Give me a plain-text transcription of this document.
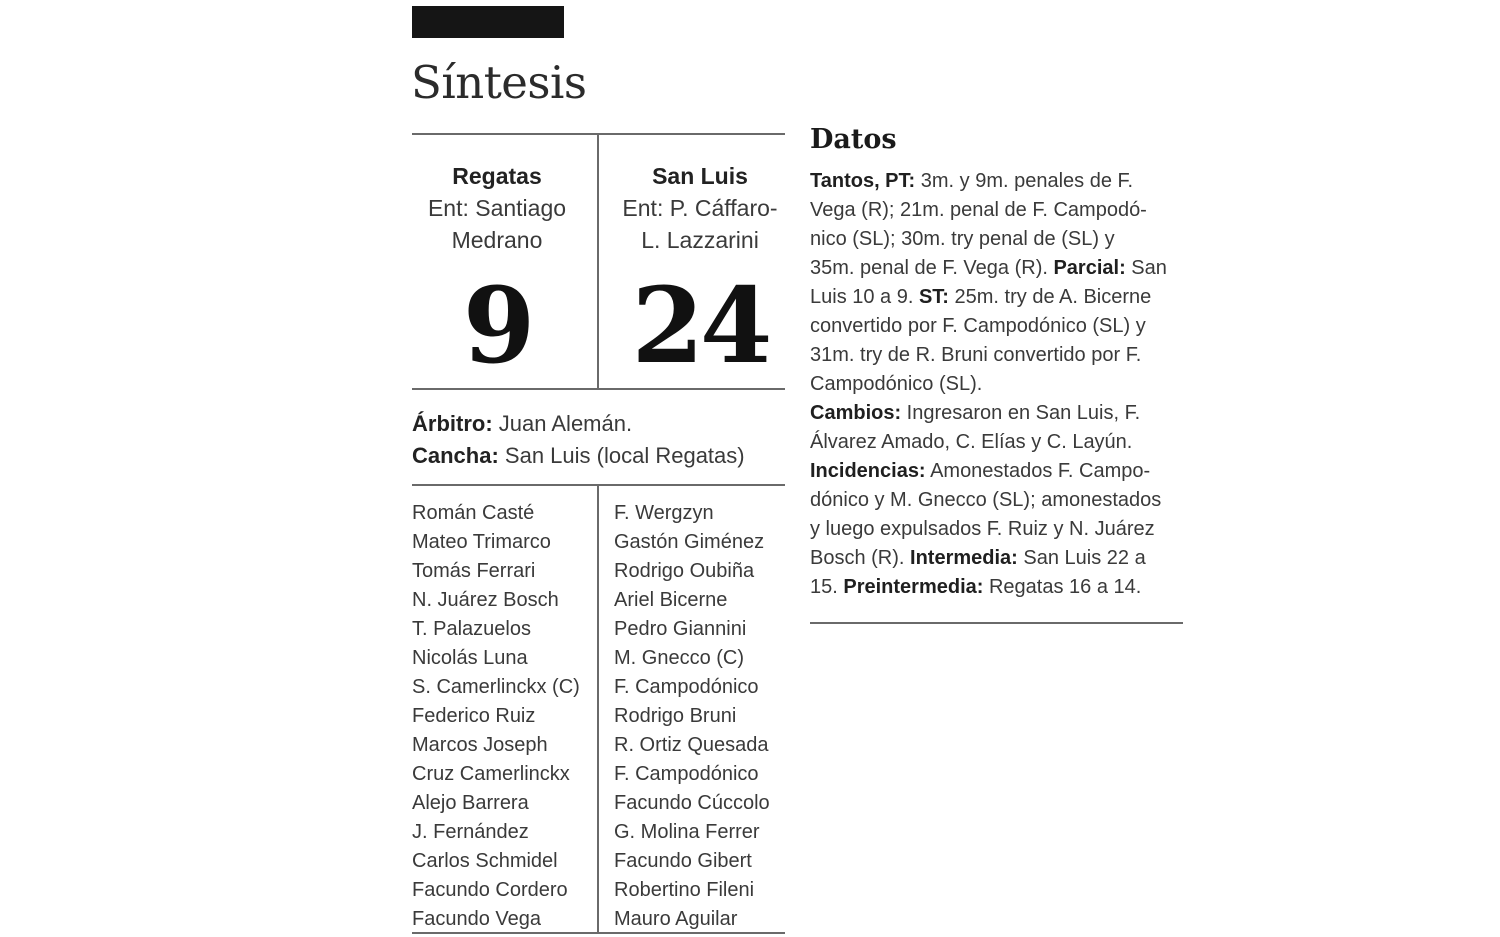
Síntesis
Regatas
Ent: Santiago
Medrano
9
San Luis
Ent: P. Cáffaro-
L. Lazzarini
24
Árbitro: Juan Alemán.
Cancha: San Luis (local Regatas)
Román Casté
Mateo Trimarco
Tomás Ferrari
N. Juárez Bosch
T. Palazuelos
Nicolás Luna
S. Camerlinckx (C)
Federico Ruiz
Marcos Joseph
Cruz Camerlinckx
Alejo Barrera
J. Fernández
Carlos Schmidel
Facundo Cordero
Facundo Vega
F. Wergzyn
Gastón Giménez
Rodrigo Oubiña
Ariel Bicerne
Pedro Giannini
M. Gnecco (C)
F. Campodónico
Rodrigo Bruni
R. Ortiz Quesada
F. Campodónico
Facundo Cúccolo
G. Molina Ferrer
Facundo Gibert
Robertino Fileni
Mauro Aguilar
Datos
Tantos, PT: 3m. y 9m. penales de F.
Vega (R); 21m. penal de F. Campodó-
nico (SL); 30m. try penal de (SL) y
35m. penal de F. Vega (R). Parcial: San
Luis 10 a 9. ST: 25m. try de A. Bicerne
convertido por F. Campodónico (SL) y
31m. try de R. Bruni convertido por F.
Campodónico (SL).
Cambios: Ingresaron en San Luis, F.
Álvarez Amado, C. Elías y C. Layún.
Incidencias: Amonestados F. Campo-
dónico y M. Gnecco (SL); amonestados
y luego expulsados F. Ruiz y N. Juárez
Bosch (R). Intermedia: San Luis 22 a
15. Preintermedia: Regatas 16 a 14.
